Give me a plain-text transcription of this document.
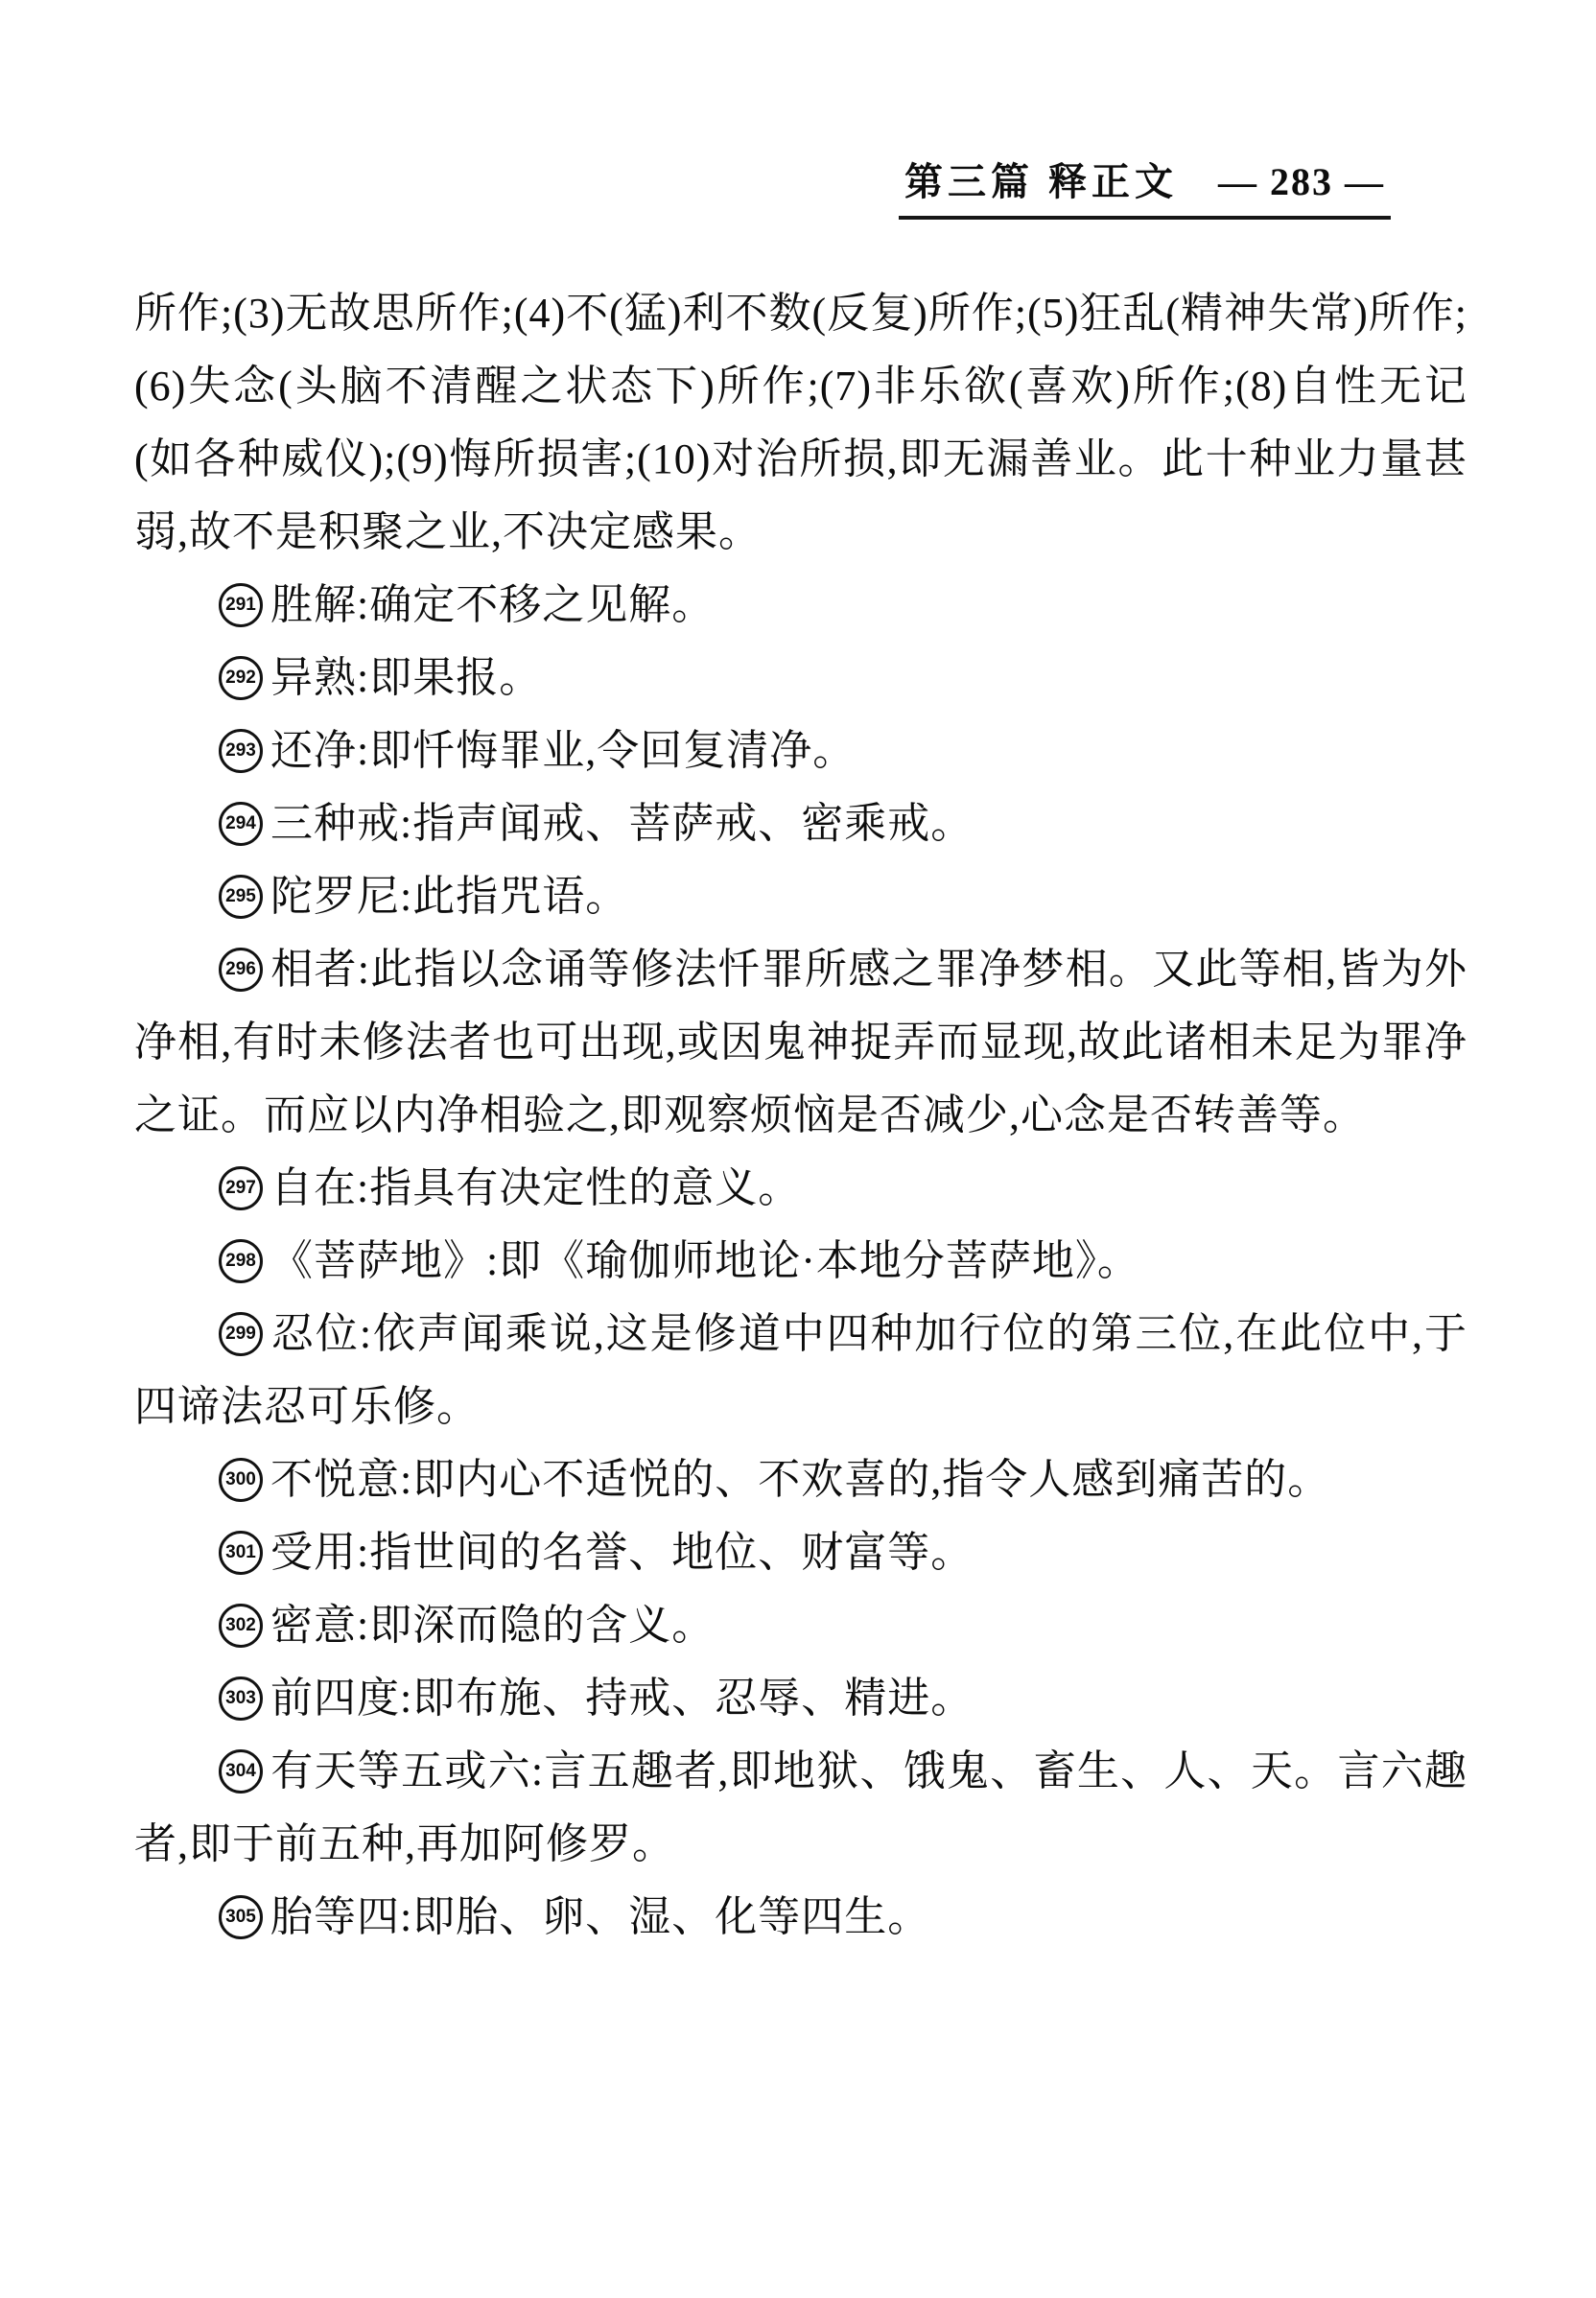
第三篇 释正文 — 283 —

所作;(3)无故思所作;(4)不(猛)利不数(反复)所作;(5)狂乱(精神失常)所作;(6)失念(头脑不清醒之状态下)所作;(7)非乐欲(喜欢)所作;(8)自性无记(如各种威仪);(9)悔所损害;(10)对治所损,即无漏善业。此十种业力量甚弱,故不是积聚之业,不决定感果。

291 胜解:确定不移之见解。

292 异熟:即果报。

293 还净:即忏悔罪业,令回复清净。

294 三种戒:指声闻戒、菩萨戒、密乘戒。

295 陀罗尼:此指咒语。

296 相者:此指以念诵等修法忏罪所感之罪净梦相。又此等相,皆为外净相,有时未修法者也可出现,或因鬼神捉弄而显现,故此诸相未足为罪净之证。而应以内净相验之,即观察烦恼是否减少,心念是否转善等。

297 自在:指具有决定性的意义。

298 《菩萨地》:即《瑜伽师地论·本地分菩萨地》。

299 忍位:依声闻乘说,这是修道中四种加行位的第三位,在此位中,于四谛法忍可乐修。

300 不悦意:即内心不适悦的、不欢喜的,指令人感到痛苦的。

301 受用:指世间的名誉、地位、财富等。

302 密意:即深而隐的含义。

303 前四度:即布施、持戒、忍辱、精进。

304 有天等五或六:言五趣者,即地狱、饿鬼、畜生、人、天。言六趣者,即于前五种,再加阿修罗。

305 胎等四:即胎、卵、湿、化等四生。
